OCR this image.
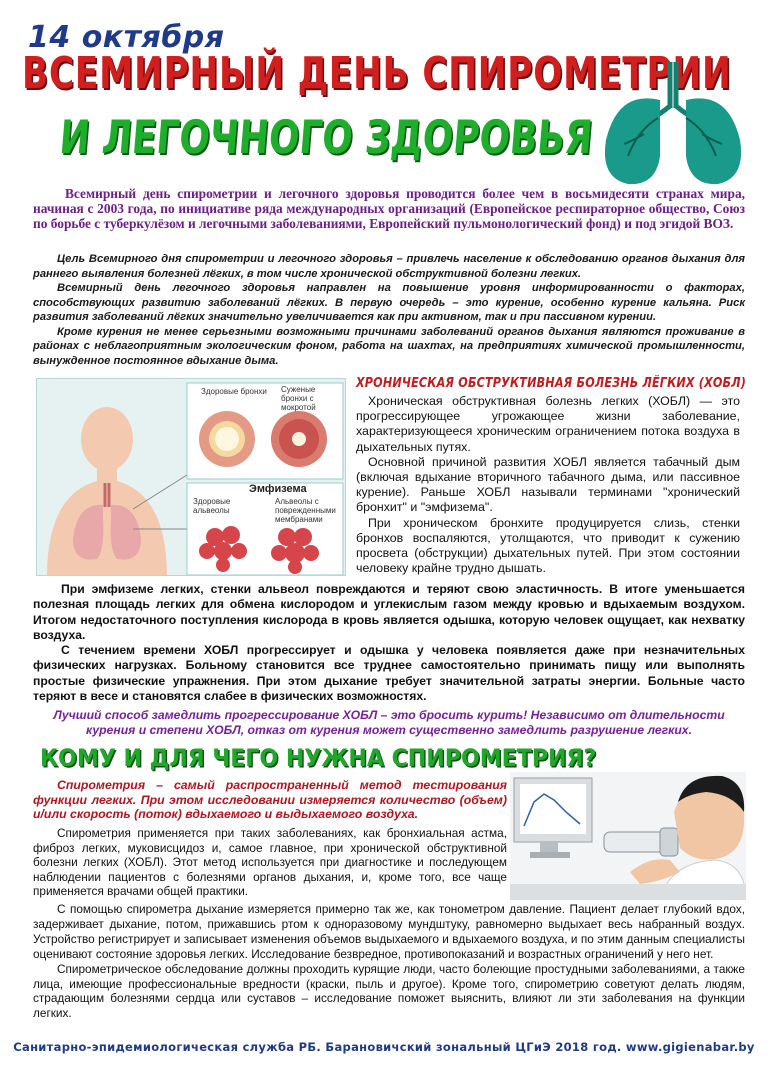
14 октября
ВСЕМИРНЫЙ ДЕНЬ СПИРОМЕТРИИ
И ЛЕГОЧНОГО ЗДОРОВЬЯ
Всемирный день спирометрии и легочного здоровья проводится более чем в восьмидесяти странах мира, начиная с 2003 года, по инициативе ряда международных организаций (Европейское респираторное общество, Союз по борьбе с туберкулёзом и легочными заболеваниями, Европейский пульмонологический фонд) и под эгидой ВОЗ.

Цель Всемирного дня спирометрии и легочного здоровья – привлечь население к обследованию органов дыхания для раннего выявления болезней лёгких, в том числе хронической обструктивной болезни легких.

Всемирный день легочного здоровья направлен на повышение уровня информированности о факторах, способствующих развитию заболеваний лёгких. В первую очередь – это курение, особенно курение кальяна. Риск развития заболеваний лёгких значительно увеличивается как при активном, так и при пассивном курении.

Кроме курения не менее серьезными возможными причинами заболеваний органов дыхания являются проживание в районах с неблагоприятным экологическим фоном, работа на шахтах, на предприятиях химической промышленности, вынужденное постоянное вдыхание дыма.

Здоровые бронхи Суженые бронхи с мокротой
Эмфизема
Здоровые альвеолы
Альвеолы с поврежденными мембранами
ХРОНИЧЕСКАЯ ОБСТРУКТИВНАЯ БОЛЕЗНЬ ЛЁГКИХ (ХОБЛ)

Хроническая обструктивная болезнь легких (ХОБЛ) — это прогрессирующее угрожающее жизни заболевание, характеризующееся хроническим ограничением потока воздуха в дыхательных путях.

Основной причиной развития ХОБЛ является табачный дым (включая вдыхание вторичного табачного дыма, или пассивное курение). Раньше ХОБЛ называли терминами "хронический бронхит" и "эмфизема".

При хроническом бронхите продуцируется слизь, стенки бронхов воспаляются, утолщаются, что приводит к сужению просвета (обструкции) дыхательных путей. При этом состоянии человеку крайне трудно дышать.

При эмфиземе легких, стенки альвеол повреждаются и теряют свою эластичность. В итоге уменьшается полезная площадь легких для обмена кислородом и углекислым газом между кровью и вдыхаемым воздухом. Итогом недостаточного поступления кислорода в кровь является одышка, которую человек ощущает, как нехватку воздуха.

С течением времени ХОБЛ прогрессирует и одышка у человека появляется даже при незначительных физических нагрузках. Больному становится все труднее самостоятельно принимать пищу или выполнять простые физические упражнения. При этом дыхание требует значительной затраты энергии. Больные часто теряют в весе и становятся слабее в физических возможностях.

Лучший способ замедлить прогрессирование ХОБЛ – это бросить курить! Независимо от длительности курения и степени ХОБЛ, отказ от курения может существенно замедлить разрушение легких.
КОМУ И ДЛЯ ЧЕГО НУЖНА СПИРОМЕТРИЯ?
Спирометрия – самый распространенный метод тестирования функции легких. При этом исследовании измеряется количество (объем) и/или скорость (поток) вдыхаемого и выдыхаемого воздуха.
Спирометрия применяется при таких заболеваниях, как бронхиальная астма, фиброз легких, муковисцидоз и, самое главное, при хронической обструктивной болезни легких (ХОБЛ). Этот метод используется при диагностике и последующем наблюдении пациентов с болезнями органов дыхания, и, кроме того, все чаще применяется врачами общей практики.

С помощью спирометра дыхание измеряется примерно так же, как тонометром давление. Пациент делает глубокий вдох, задерживает дыхание, потом, прижавшись ртом к одноразовому мундштуку, равномерно выдыхает весь набранный воздух. Устройство регистрирует и записывает изменения объемов выдыхаемого и вдыхаемого воздуха, и по этим данным специалисты оценивают состояние здоровья легких. Исследование безвредное, противопоказаний и возрастных ограничений у него нет.

Спирометрическое обследование должны проходить курящие люди, часто болеющие простудными заболеваниями, а также лица, имеющие профессиональные вредности (краски, пыль и другое). Кроме того, спирометрию советуют делать людям, страдающим болезнями сердца или суставов – исследование поможет выяснить, влияют ли эти заболевания на функции легких.

Санитарно-эпидемиологическая служба РБ. Барановичский зональный ЦГиЭ 2018 год. www.gigienabar.by
